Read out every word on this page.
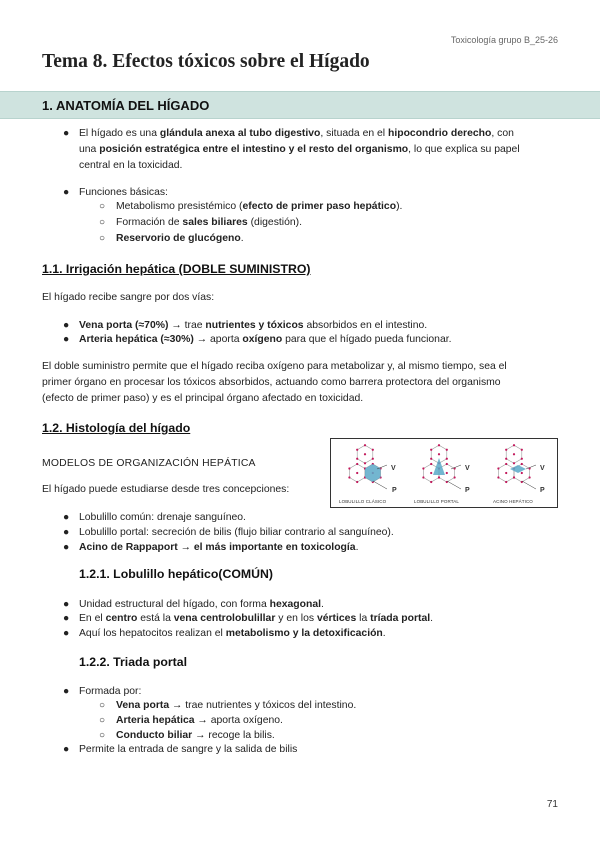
Toxicología grupo B_25-26
Tema 8. Efectos tóxicos sobre el Hígado
1. ANATOMÍA DEL HÍGADO
● El hígado es una glándula anexa al tubo digestivo, situada en el hipocondrio derecho, con
una posición estratégica entre el intestino y el resto del organismo, lo que explica su papel
central en la toxicidad.
● Funciones básicas:
○ Metabolismo presistémico (efecto de primer paso hepático).
○ Formación de sales biliares (digestión).
○ Reservorio de glucógeno.
1.1. Irrigación hepática (DOBLE SUMINISTRO)
El hígado recibe sangre por dos vías:
● Vena porta (≈70%) → trae nutrientes y tóxicos absorbidos en el intestino.
● Arteria hepática (≈30%) → aporta oxígeno para que el hígado pueda funcionar.
El doble suministro permite que el hígado reciba oxígeno para metabolizar y, al mismo tiempo, sea el
primer órgano en procesar los tóxicos absorbidos, actuando como barrera protectora del organismo
(efecto de primer paso) y es el principal órgano afectado en toxicidad.
1.2. Histología del hígado
MODELOS DE ORGANIZACIÓN HEPÁTICA
El hígado puede estudiarse desde tres concepciones:
LOBULILLO CLÁSICO	LOBULILLO PORTAL	ACINO HEPÁTICO
V
P
V
P
V
P
● Lobulillo común: drenaje sanguíneo.
● Lobulillo portal: secreción de bilis (flujo biliar contrario al sanguíneo).
● Acino de Rappaport → el más importante en toxicología.
1.2.1. Lobulillo hepático(COMÚN)
● Unidad estructural del hígado, con forma hexagonal.
● En el centro está la vena centrolobulillar y en los vértices la tríada portal.
● Aquí los hepatocitos realizan el metabolismo y la detoxificación.
1.2.2. Triada portal
● Formada por:
○ Vena porta → trae nutrientes y tóxicos del intestino.
○ Arteria hepática → aporta oxígeno.
○ Conducto biliar → recoge la bilis.
● Permite la entrada de sangre y la salida de bilis
71
